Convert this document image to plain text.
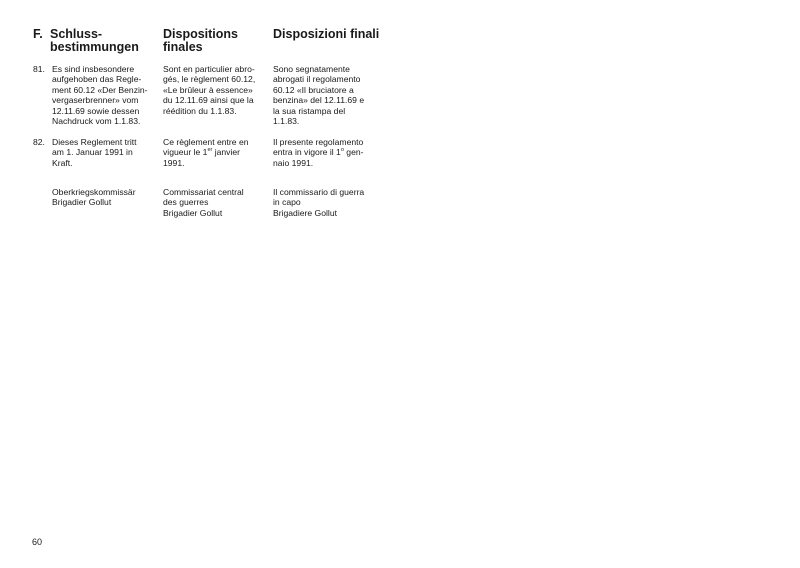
F. Schluss-
bestimmungen
Dispositions
finales
Disposizioni finali
81. Es sind insbesondere
aufgehoben das Regle-
ment 60.12 «Der Benzin-
vergaserbrenner» vom
12.11.69 sowie dessen
Nachdruck vom 1.1.83.
Sont en particulier abro-
gés, le règlement 60.12,
«Le brûleur à essence»
du 12.11.69 ainsi que la
réédition du 1.1.83.
Sono segnatamente
abrogati il regolamento
60.12 «Il bruciatore a
benzina» del 12.11.69 e
la sua ristampa del
1.1.83.
82. Dieses Reglement tritt
am 1. Januar 1991 in
Kraft.
Ce règlement entre en
vigueur le 1er janvier
1991.
Il presente regolamento
entra in vigore il 1$^o$ gen-
naio 1991.
Oberkriegskommissär
Brigadier Gollut
Commissariat central
des guerres
Brigadier Gollut
Il commissario di guerra
in capo
Brigadiere Gollut
60
